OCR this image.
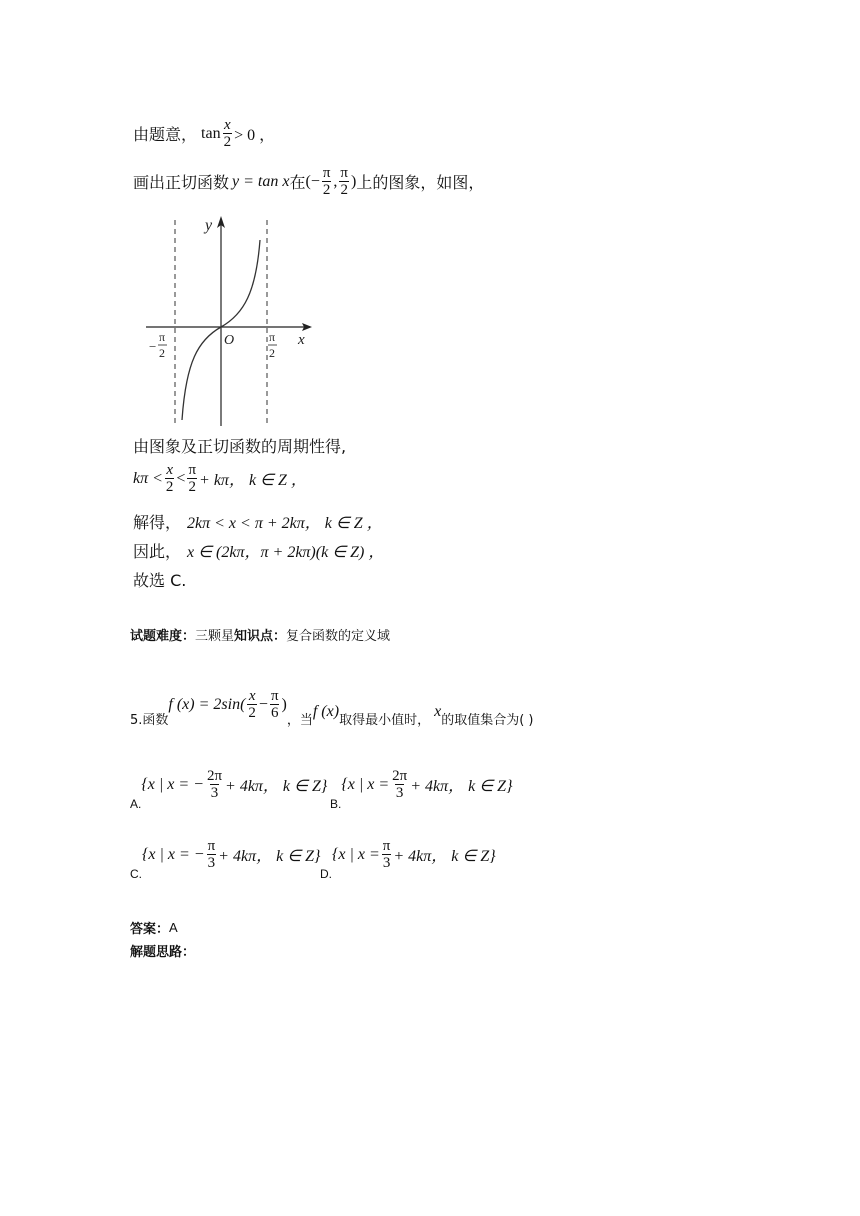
由题意， $\tan \frac{x}{2} > 0$ ，
画出正切函数 y = tan x 在 (− $\frac{\pi}{2}$ , $\frac{\pi}{2}$ ) 上的图象，如图，
y
x
O
−
π
2
π
2
由图象及正切函数的周期性得,
$k\pi < \frac{x}{2} < \frac{\pi}{2} + k\pi$， k ∈ Z ，
解得， 2kπ < x < π + 2kπ， k ∈ Z ，
因此， x ∈ (2kπ，π + 2kπ)(k ∈ Z) ，
故选 C.
试题难度： 三颗星 知识点： 复合函数的定义域
5.函数
f $(x) = 2\sin( \frac{x}{2} - \frac{\pi}{6}$ )
，当
f (x)
取得最小值时，
x
的取值集合为( )
A.
{x | x = − $\frac{2\pi}{3} + 4k\pi$， k ∈ Z}
B.
{x | $x = \frac{2\pi}{3} + 4k\pi$， k ∈ Z}
C.
{x | x = − $\frac{\pi}{3} + 4k\pi$， k ∈ Z}
D.
{x | $x = \frac{\pi}{3} + 4k\pi$， k ∈ Z}
答案： A
解题思路：
